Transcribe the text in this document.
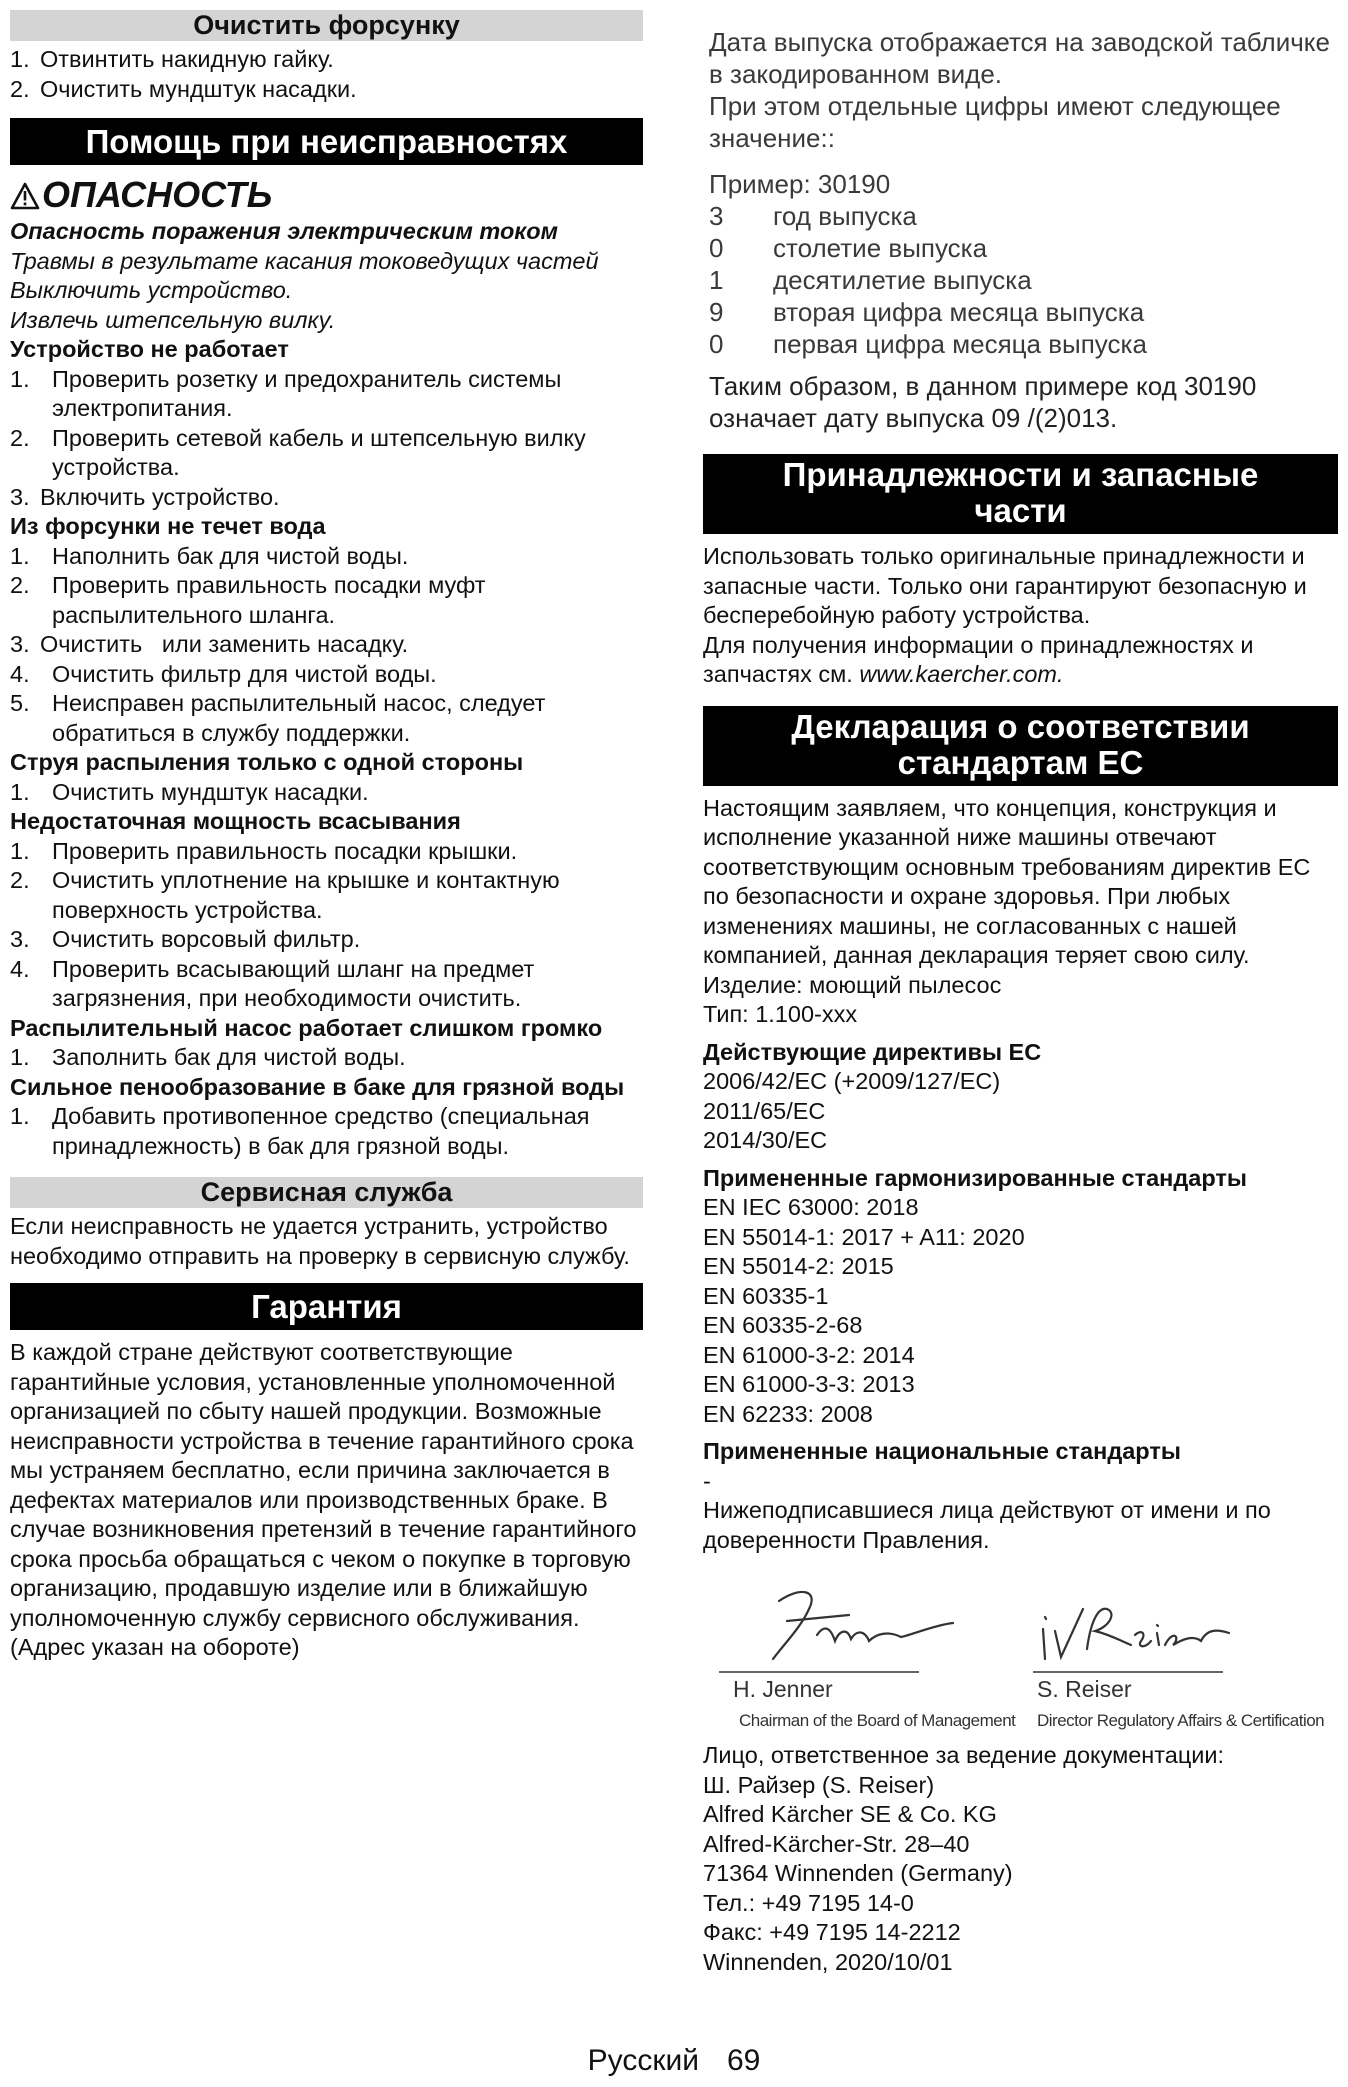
Очистить форсунку
1. Отвинтить накидную гайку.
2. Очистить мундштук насадки.
Помощь при неисправностях
ОПАСНОСТЬ

Опасность поражения электрическим током

Травмы в результате касания токоведущих частей

Выключить устройство.

Извлечь штепсельную вилку.

Устройство не работает

1. Проверить розетку и предохранитель системы электропитания.
2. Проверить сетевой кабель и штепсельную вилку устройства.
3. Включить устройство.

Из форсунки не течет вода

1. Наполнить бак для чистой воды.
2. Проверить правильность посадки муфт распылительного шланга.
3. Очистить   или заменить насадку.
4. Очистить фильтр для чистой воды.
5. Неисправен распылительный насос, следует обратиться в службу поддержки.

Струя распыления только с одной стороны

1. Очистить мундштук насадки.

Недостаточная мощность всасывания

1. Проверить правильность посадки крышки.
2. Очистить уплотнение на крышке и контактную поверхность устройства.
3. Очистить ворсовый фильтр.
4. Проверить всасывающий шланг на предмет загрязнения, при необходимости очистить.

Распылительный насос работает слишком громко

1. Заполнить бак для чистой воды.

Сильное пенообразование в баке для грязной воды

1. Добавить противопенное средство (специальная принадлежность) в бак для грязной воды.
Сервисная служба

Если неисправность не удается устранить, устройство необходимо отправить на проверку в сервисную службу.

Гарантия

В каждой стране действуют соответствующие гарантийные условия, установленные уполномоченной организацией по сбыту нашей продукции. Возможные неисправности устройства в течение гарантийного срока мы устраняем бесплатно, если причина заключается в дефектах материалов или производственных браке. В случае возникновения претензий в течение гарантийного срока просьба обращаться с чеком о покупке в торговую организацию, продавшую изделие или в ближайшую уполномоченную службу сервисного обслуживания.

(Адрес указан на обороте)

Дата выпуска отображается на заводской табличке в закодированном виде.

При этом отдельные цифры имеют следующее значение::

Пример: 30190

3	год выпуска
0	столетие выпуска
1	десятилетие выпуска
9	вторая цифра месяца выпуска
0	первая цифра месяца выпуска

Таким образом, в данном примере код 30190 означает дату выпуска 09 /(2)013.

Принадлежности и запасные
части

Использовать только оригинальные принадлежности и запасные части. Только они гарантируют безопасную и бесперебойную работу устройства.

Для получения информации о принадлежностях и запчастях см. www.kaercher.com.

Декларация о соответствии
стандартам ЕС

Настоящим заявляем, что концепция, конструкция и исполнение указанной ниже машины отвечают соответствующим основным требованиям директив ЕС по безопасности и охране здоровья. При любых изменениях машины, не согласованных с нашей компанией, данная декларация теряет свою силу.

Изделие: моющий пылесос

Тип: 1.100-xxx

Действующие директивы ЕС

2006/42/EC (+2009/127/EC)

2011/65/EC

2014/30/EC

Примененные гармонизированные стандарты

EN IEC 63000: 2018

EN 55014-1: 2017 + A11: 2020

EN 55014-2: 2015

EN 60335-1

EN 60335-2-68

EN 61000-3-2: 2014

EN 61000-3-3: 2013

EN 62233: 2008

Примененные национальные стандарты

-

Нижеподписавшиеся лица действуют от имени и по доверенности Правления.

H. Jenner
Chairman of the Board of Management
S. Reiser
Director Regulatory Affairs & Certification

Лицо, ответственное за ведение документации:

Ш. Райзер (S. Reiser)

Alfred Kärcher SE & Co. KG

Alfred-Kärcher-Str. 28–40

71364 Winnenden (Germany)

Тел.: +49 7195 14-0

Факс: +49 7195 14-2212

Winnenden, 2020/10/01

Русский 69
